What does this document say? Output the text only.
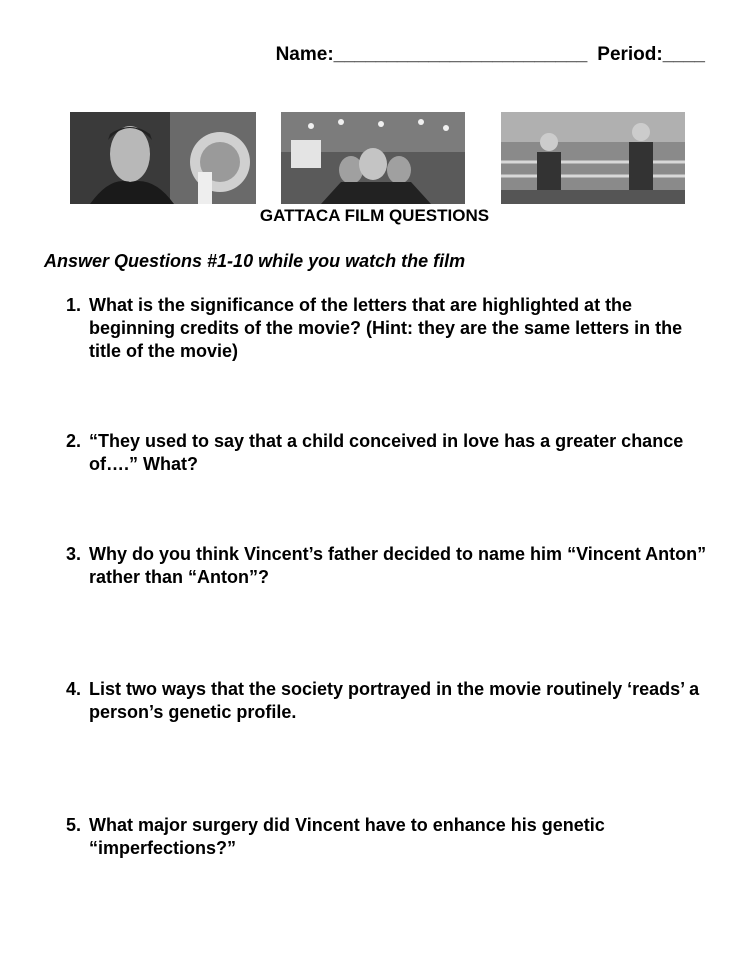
Name:________________________ Period:____
GATTACA FILM QUESTIONS
Answer Questions #1-10 while you watch the film
1. What is the significance of the letters that are highlighted at the beginning credits of the movie? (Hint: they are the same letters in the title of the movie)
2. “They used to say that a child conceived in love has a greater chance of….” What?
3. Why do you think Vincent’s father decided to name him “Vincent Anton” rather than “Anton”?
4. List two ways that the society portrayed in the movie routinely ‘reads’ a person’s genetic profile.
5. What major surgery did Vincent have to enhance his genetic “imperfections?”
